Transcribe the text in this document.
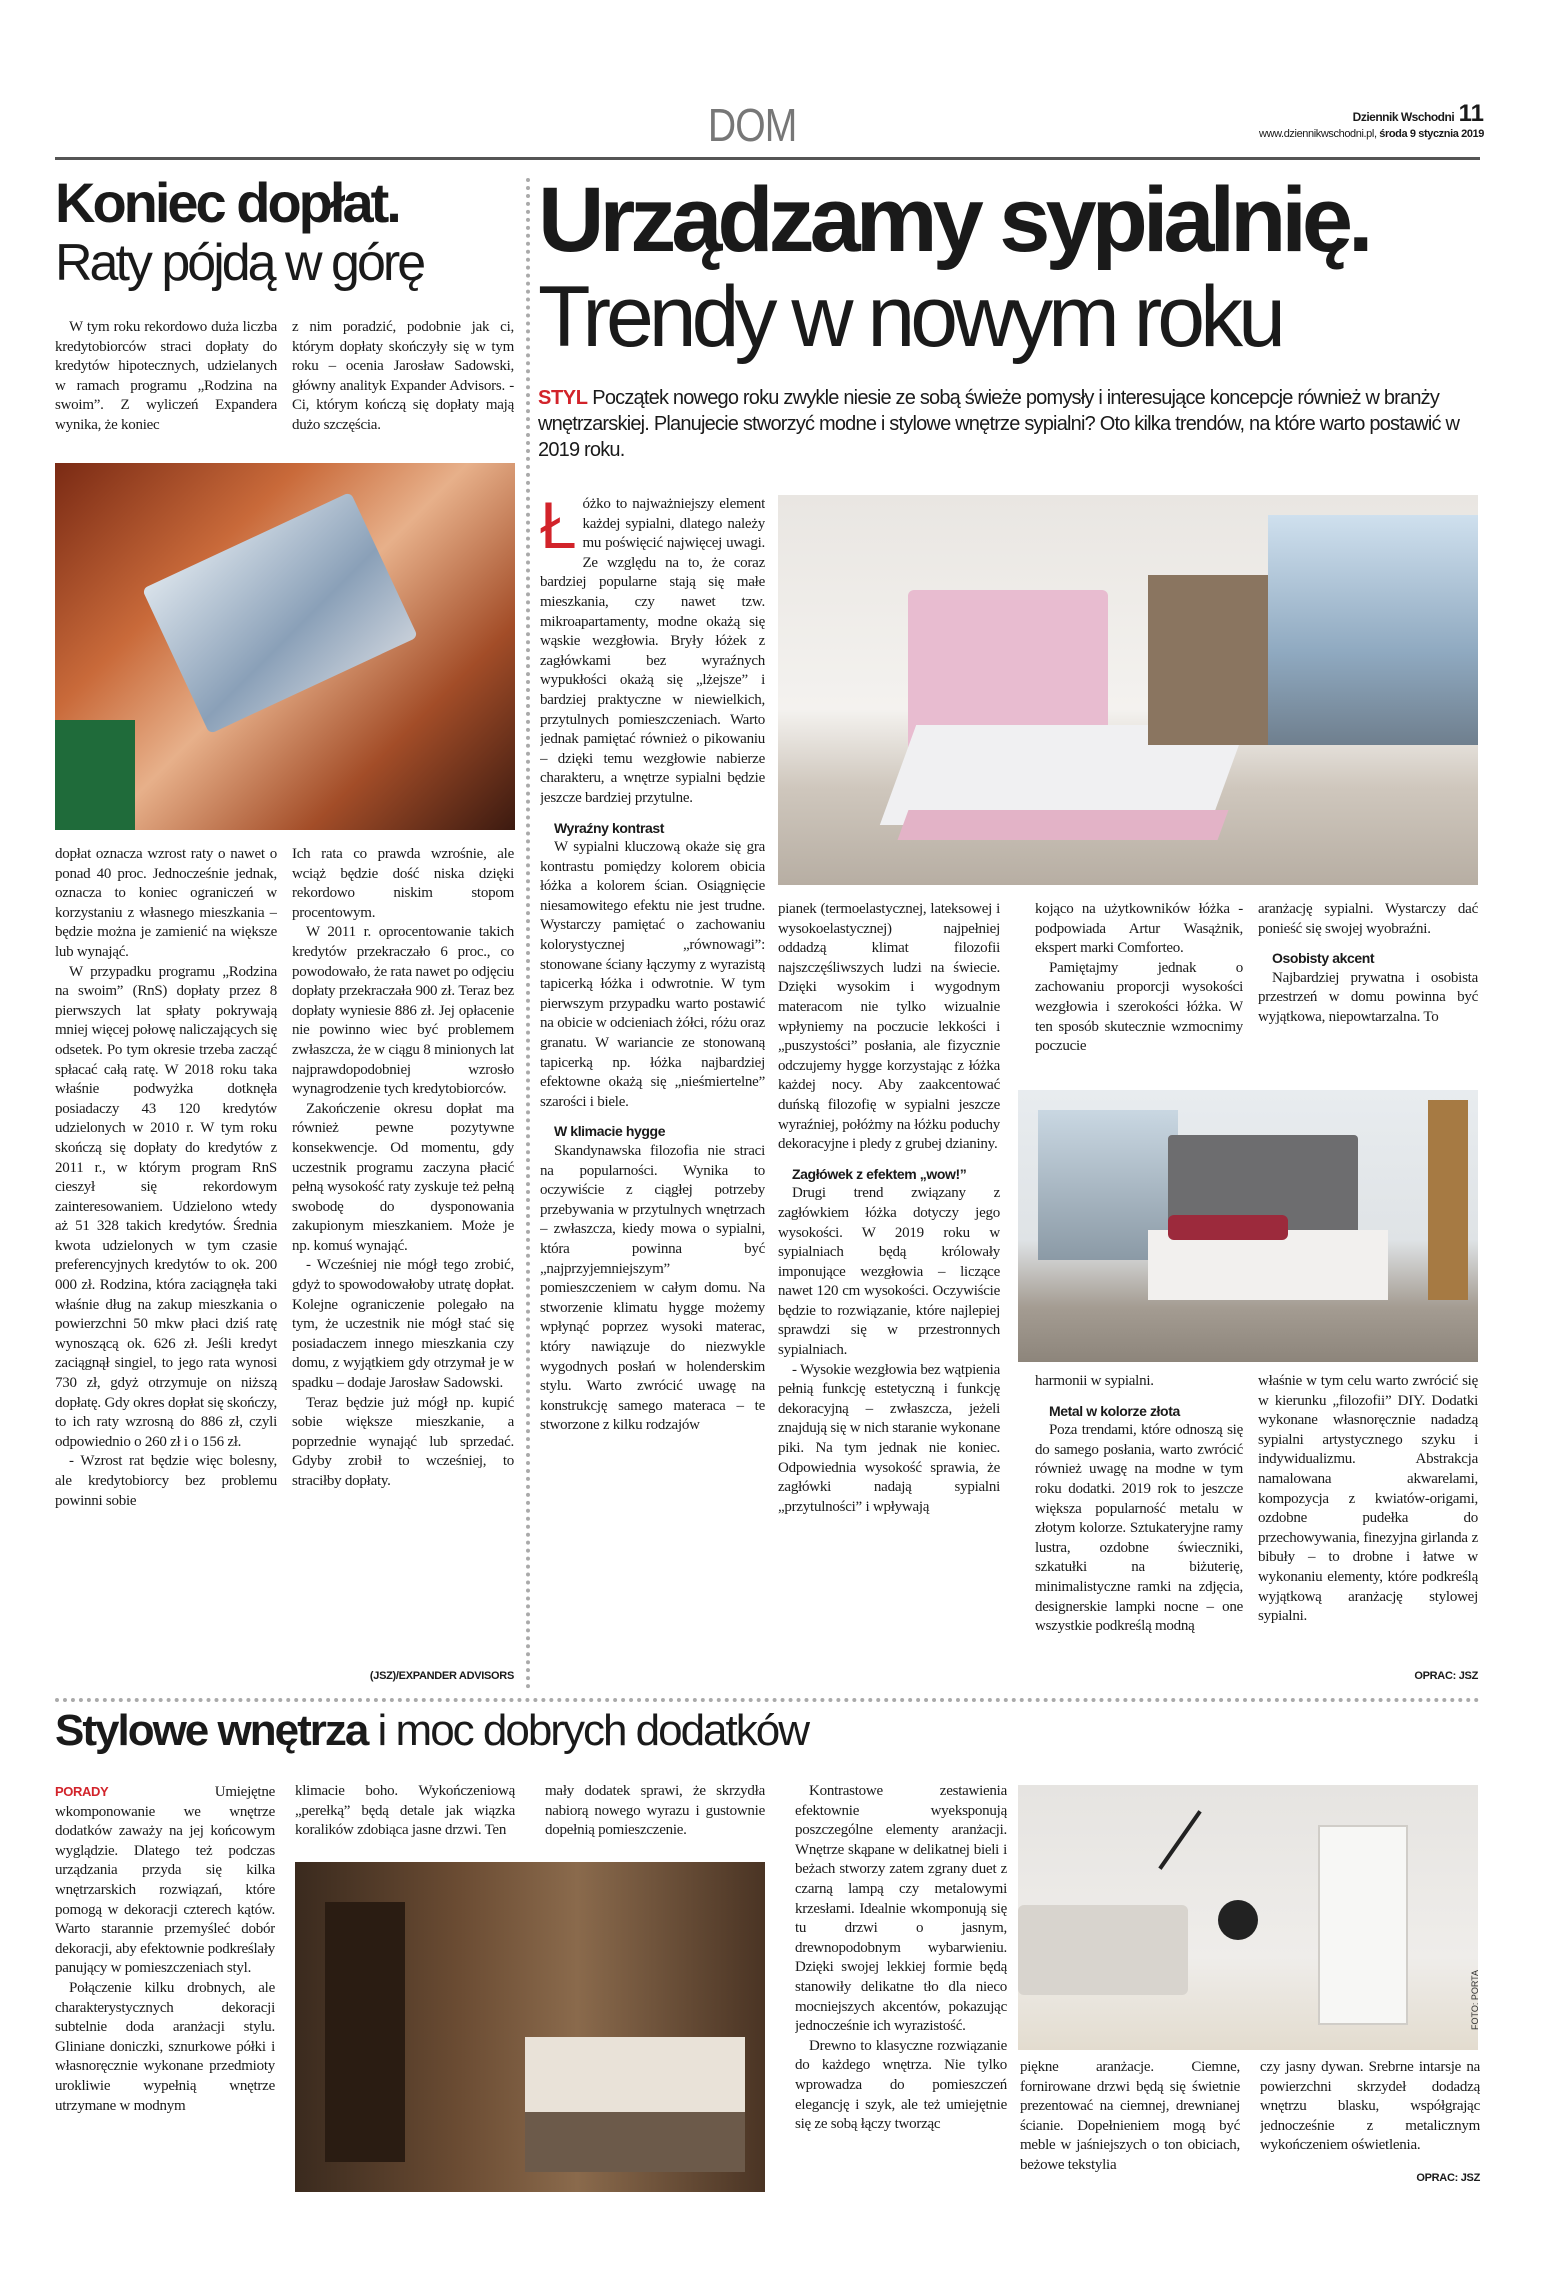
DOM	Dziennik Wschodni 11
www.dziennikwschodni.pl, środa 9 stycznia 2019
Koniec dopłat.
Raty pójdą w górę

W tym roku rekordowo duża liczba kredytobiorców straci dopłaty do kredytów hipotecznych, udzielanych w ramach programu „Rodzina na swoim”. Z wyliczeń Expandera wynika, że koniec

z nim poradzić, podobnie jak ci, którym dopłaty skończyły się w tym roku – ocenia Jarosław Sadowski, główny analityk Expander Advisors. - Ci, którym kończą się dopłaty mają dużo szczęścia.

dopłat oznacza wzrost raty o nawet o ponad 40 proc. Jednocześnie jednak, oznacza to koniec ograniczeń w korzystaniu z własnego mieszkania – będzie można je zamienić na większe lub wynająć.

W przypadku programu „Rodzina na swoim” (RnS) dopłaty przez 8 pierwszych lat spłaty pokrywają mniej więcej połowę naliczających się odsetek. Po tym okresie trzeba zacząć spłacać całą ratę. W 2018 roku taka właśnie podwyżka dotknęła posiadaczy 43 120 kredytów udzielonych w 2010 r. W tym roku skończą się dopłaty do kredytów z 2011 r., w którym program RnS cieszył się rekordowym zainteresowaniem. Udzielono wtedy aż 51 328 takich kredytów. Średnia kwota udzielonych w tym czasie preferencyjnych kredytów to ok. 200 000 zł. Rodzina, która zaciągnęła taki właśnie dług na zakup mieszkania o powierzchni 50 mkw płaci dziś ratę wynoszącą ok. 626 zł. Jeśli kredyt zaciągnął singiel, to jego rata wynosi 730 zł, gdyż otrzymuje on niższą dopłatę. Gdy okres dopłat się skończy, to ich raty wzrosną do 886 zł, czyli odpowiednio o 260 zł i o 156 zł.

- Wzrost rat będzie więc bolesny, ale kredytobiorcy bez problemu powinni sobie

Ich rata co prawda wzrośnie, ale wciąż będzie dość niska dzięki rekordowo niskim stopom procentowym.

W 2011 r. oprocentowanie takich kredytów przekraczało 6 proc., co powodowało, że rata nawet po odjęciu dopłaty przekraczała 900 zł. Teraz bez dopłaty wyniesie 886 zł. Jej opłacenie nie powinno wiec być problemem zwłaszcza, że w ciągu 8 minionych lat najprawdopodobniej wzrosło wynagrodzenie tych kredytobiorców.

Zakończenie okresu dopłat ma również pewne pozytywne konsekwencje. Od momentu, gdy uczestnik programu zaczyna płacić pełną wysokość raty zyskuje też pełną swobodę do dysponowania zakupionym mieszkaniem. Może je np. komuś wynająć.

- Wcześniej nie mógł tego zrobić, gdyż to spowodowałoby utratę dopłat. Kolejne ograniczenie polegało na tym, że uczestnik nie mógł stać się posiadaczem innego mieszkania czy domu, z wyjątkiem gdy otrzymał je w spadku – dodaje Jarosław Sadowski.

Teraz będzie już mógł np. kupić sobie większe mieszkanie, a poprzednie wynająć lub sprzedać. Gdyby zrobił to wcześniej, to straciłby dopłaty.

(JSZ)/EXPANDER ADVISORS
Urządzamy sypialnię.
Trendy w nowym roku
STYL Początek nowego roku zwykle niesie ze sobą świeże pomysły i interesujące koncepcje również w branży wnętrzarskiej. Planujecie stworzyć modne i stylowe wnętrze sypialni? Oto kilka trendów, na które warto postawić w 2019 roku.

Łóżko to najważniejszy element każdej sypialni, dlatego należy mu poświęcić najwięcej uwagi. Ze względu na to, że coraz bardziej popularne stają się małe mieszkania, czy nawet tzw. mikroapartamenty, modne okażą się wąskie wezgłowia. Bryły łóżek z zagłówkami bez wyraźnych wypukłości okażą się „lżejsze” i bardziej praktyczne w niewielkich, przytulnych pomieszczeniach. Warto jednak pamiętać również o pikowaniu – dzięki temu wezgłowie nabierze charakteru, a wnętrze sypialni będzie jeszcze bardziej przytulne.

Wyraźny kontrast

W sypialni kluczową okaże się gra kontrastu pomiędzy kolorem obicia łóżka a kolorem ścian. Osiągnięcie niesamowitego efektu nie jest trudne. Wystarczy pamiętać o zachowaniu kolorystycznej „równowagi”: stonowane ściany łączymy z wyrazistą tapicerką łóżka i odwrotnie. W tym pierwszym przypadku warto postawić na obicie w odcieniach żółci, różu oraz granatu. W wariancie ze stonowaną tapicerką np. łóżka najbardziej efektowne okażą się „nieśmiertelne” szarości i biele.

W klimacie hygge

Skandynawska filozofia nie straci na popularności. Wynika to oczywiście z ciągłej potrzeby przebywania w przytulnych wnętrzach – zwłaszcza, kiedy mowa o sypialni, która powinna być „najprzyjemniejszym” pomieszczeniem w całym domu. Na stworzenie klimatu hygge możemy wpłynąć poprzez wysoki materac, który nawiązuje do niezwykle wygodnych posłań w holenderskim stylu. Warto zwrócić uwagę na konstrukcję samego materaca – te stworzone z kilku rodzajów

pianek (termoelastycznej, lateksowej i wysokoelastycznej) najpełniej oddadzą klimat filozofii najszczęśliwszych ludzi na świecie. Dzięki wysokim i wygodnym materacom nie tylko wizualnie wpłyniemy na poczucie lekkości i „puszystości” posłania, ale fizycznie odczujemy hygge korzystając z łóżka każdej nocy. Aby zaakcentować duńską filozofię w sypialni jeszcze wyraźniej, połóżmy na łóżku poduchy dekoracyjne i pledy z grubej dzianiny.

Zagłówek z efektem „wow!”

Drugi trend związany z zagłówkiem łóżka dotyczy jego wysokości. W 2019 roku w sypialniach będą królowały imponujące wezgłowia – liczące nawet 120 cm wysokości. Oczywiście będzie to rozwiązanie, które najlepiej sprawdzi się w przestronnych sypialniach.

- Wysokie wezgłowia bez wątpienia pełnią funkcję estetyczną i funkcję dekoracyjną – zwłaszcza, jeżeli znajdują się w nich staranie wykonane piki. Na tym jednak nie koniec. Odpowiednia wysokość sprawia, że zagłówki nadają sypialni „przytulności” i wpływają

kojąco na użytkowników łóżka - podpowiada Artur Wasążnik, ekspert marki Comforteo.

Pamiętajmy jednak o zachowaniu proporcji wysokości wezgłowia i szerokości łóżka. W ten sposób skutecznie wzmocnimy poczucie

aranżację sypialni. Wystarczy dać ponieść się swojej wyobraźni.

Osobisty akcent

Najbardziej prywatna i osobista przestrzeń w domu powinna być wyjątkowa, niepowtarzalna. To

harmonii w sypialni.

Metal w kolorze złota

Poza trendami, które odnoszą się do samego posłania, warto zwrócić również uwagę na modne w tym roku dodatki. 2019 rok to jeszcze większa popularność metalu w złotym kolorze. Sztukateryjne ramy lustra, ozdobne świeczniki, szkatułki na biżuterię, minimalistyczne ramki na zdjęcia, designerskie lampki nocne – one wszystkie podkreślą modną

właśnie w tym celu warto zwrócić się w kierunku „filozofii” DIY. Dodatki wykonane własnoręcznie nadadzą sypialni artystycznego szyku i indywidualizmu. Abstrakcja namalowana akwarelami, kompozycja z kwiatów-origami, ozdobne pudełka do przechowywania, finezyjna girlanda z bibuły – to drobne i łatwe w wykonaniu elementy, które podkreślą wyjątkową aranżację stylowej sypialni.

OPRAC: JSZ
Stylowe wnętrza i moc dobrych dodatków

PORADY	Umiejętne wkomponowanie we wnętrze dodatków zaważy na jej końcowym wyglądzie. Dlatego też podczas urządzania przyda się kilka wnętrzarskich rozwiązań, które pomogą w dekoracji czterech kątów. Warto starannie przemyśleć dobór dekoracji, aby efektownie podkreślały panujący w pomieszczeniach styl.

Połączenie kilku drobnych, ale charakterystycznych dekoracji subtelnie doda aranżacji stylu. Gliniane doniczki, sznurkowe półki i własnoręcznie wykonane przedmioty urokliwie wypełnią wnętrze utrzymane w modnym

klimacie boho. Wykończeniową „perełką” będą detale jak wiązka koralików zdobiąca jasne drzwi. Ten

mały dodatek sprawi, że skrzydła nabiorą nowego wyrazu i gustownie dopełnią pomieszczenie.

Kontrastowe zestawienia efektownie wyeksponują poszczególne elementy aranżacji. Wnętrze skąpane w delikatnej bieli i beżach stworzy zatem zgrany duet z czarną lampą czy metalowymi krzesłami. Idealnie wkomponują się tu drzwi o jasnym, drewnopodobnym wybarwieniu. Dzięki swojej lekkiej formie będą stanowiły delikatne tło dla nieco mocniejszych akcentów, pokazując jednocześnie ich wyrazistość.

Drewno to klasyczne rozwiązanie do każdego wnętrza. Nie tylko wprowadza do pomieszczeń elegancję i szyk, ale też umiejętnie się ze sobą łączy tworząc

FOTO: PORTA

piękne aranżacje. Ciemne, fornirowane drzwi będą się świetnie prezentować na ciemnej, drewnianej ścianie. Dopełnieniem mogą być meble w jaśniejszych o ton obiciach, beżowe tekstylia

czy jasny dywan. Srebrne intarsje na powierzchni skrzydeł dodadzą wnętrzu blasku, współgrając jednocześnie z metalicznym wykończeniem oświetlenia.

OPRAC: JSZ
